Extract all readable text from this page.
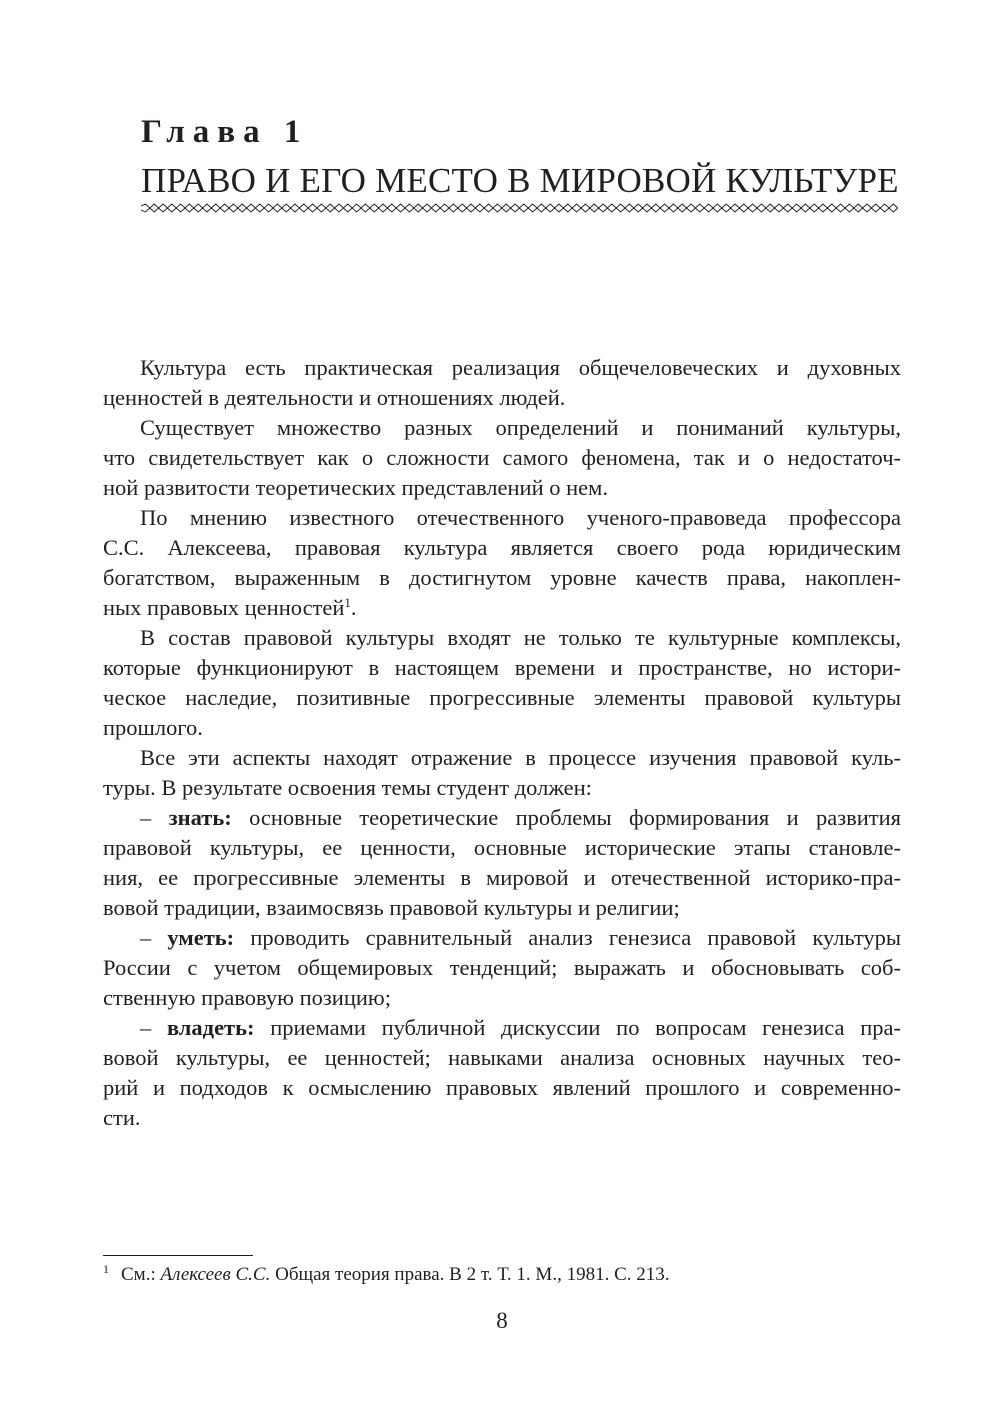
Глава 1
ПРАВО И ЕГО МЕСТО В МИРОВОЙ КУЛЬТУРЕ
Культура есть практическая реализация общечеловеческих и духовных
ценностей в деятельности и отношениях людей.
Существует множество разных определений и пониманий культуры,
что свидетельствует как о сложности самого феномена, так и о недостаточ-
ной развитости теоретических представлений о нем.
По мнению известного отечественного ученого-правоведа профессора
С.С. Алексеева, правовая культура является своего рода юридическим
богатством, выраженным в достигнутом уровне качеств права, накоплен-
ных правовых ценностей$^1$.
В состав правовой культуры входят не только те культурные комплексы,
которые функционируют в настоящем времени и пространстве, но истори-
ческое наследие, позитивные прогрессивные элементы правовой культуры
прошлого.
Все эти аспекты находят отражение в процессе изучения правовой куль-
туры. В результате освоения темы студент должен:
– знать: основные теоретические проблемы формирования и развития
правовой культуры, ее ценности, основные исторические этапы становле-
ния, ее прогрессивные элементы в мировой и отечественной историко-пра-
вовой традиции, взаимосвязь правовой культуры и религии;
– уметь: проводить сравнительный анализ генезиса правовой культуры
России с учетом общемировых тенденций; выражать и обосновывать соб-
ственную правовую позицию;
– владеть: приемами публичной дискуссии по вопросам генезиса пра-
вовой культуры, ее ценностей; навыками анализа основных научных тео-
рий и подходов к осмыслению правовых явлений прошлого и современно-
сти.
$^1$ См.: Алексеев С.С. Общая теория права. В 2 т. Т. 1. М., 1981. С. 213.
8
